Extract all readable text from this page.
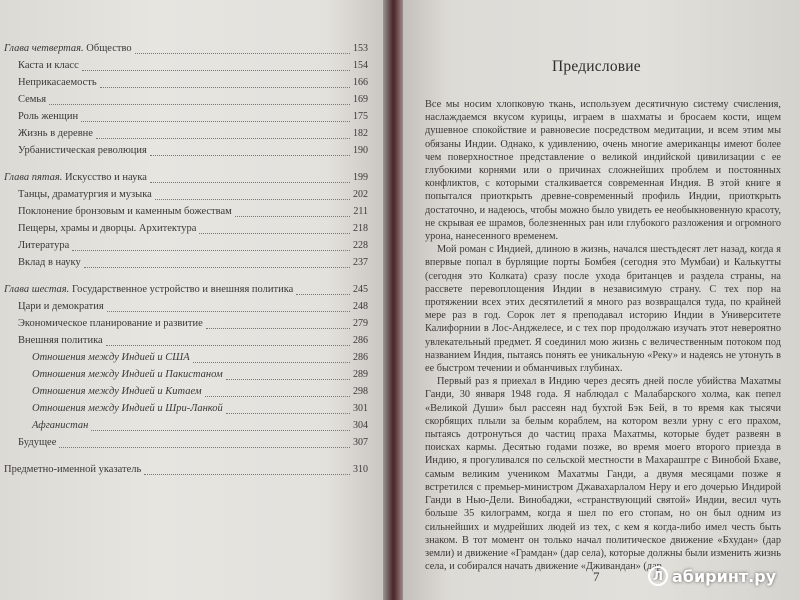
Глава четвертая. Общество	153
Каста и класс	154
Неприкасаемость	166
Семья	169
Роль женщин	175
Жизнь в деревне	182
Урбанистическая революция	190
Глава пятая. Искусство и наука	199
Танцы, драматургия и музыка	202
Поклонение бронзовым и каменным божествам	211
Пещеры, храмы и дворцы. Архитектура	218
Литература	228
Вклад в науку	237
Глава шестая. Государственное устройство и внешняя политика	245
Цари и демократия	248
Экономическое планирование и развитие	279
Внешняя политика	286
Отношения между Индией и США	286
Отношения между Индией и Пакистаном	289
Отношения между Индией и Китаем	298
Отношения между Индией и Шри-Ланкой	301
Афганистан	304
Будущее	307
Предметно-именной указатель	310
Предисловие

Все мы носим хлопковую ткань, используем десятичную систему счисления, наслаждаемся вкусом курицы, играем в шахматы и бросаем кости, ищем душевное спокойствие и равновесие посредством медитации, и всем этим мы обязаны Индии. Однако, к удивлению, очень многие американцы имеют более чем поверхностное представление о великой индийской цивилизации с ее глубокими корнями или о причинах сложнейших проблем и постоянных конфликтов, с которыми сталкивается современная Индия. В этой книге я попытался приоткрыть древне-современный профиль Индии, приоткрыть достаточно, и надеюсь, чтобы можно было увидеть ее необыкновенную красоту, не скрывая ее шрамов, болезненных ран или глубокого разложения и огромного урона, нанесенного временем.

Мой роман с Индией, длиною в жизнь, начался шестьдесят лет назад, когда я впервые попал в бурлящие порты Бомбея (сегодня это Мумбаи) и Калькутты (сегодня это Колката) сразу после ухода британцев и раздела страны, на рассвете перевоплощения Индии в независимую страну. С тех пор на протяжении всех этих десятилетий я много раз возвращался туда, по крайней мере раз в год. Сорок лет я преподавал историю Индии в Университете Калифорнии в Лос-Анджелесе, и с тех пор продолжаю изучать этот невероятно увлекательный предмет. Я соединил мою жизнь с величественным потоком под названием Индия, пытаясь понять ее уникальную «Реку» и надеясь не утонуть в ее быстром течении и обманчивых глубинах.

Первый раз я приехал в Индию через десять дней после убийства Махатмы Ганди, 30 января 1948 года. Я наблюдал с Малабарского холма, как пепел «Великой Души» был рассеян над бухтой Бэк Бей, в то время как тысячи скорбящих плыли за белым кораблем, на котором везли урну с его прахом, пытаясь дотронуться до частиц праха Махатмы, которые будет развеян в поисках кармы. Десятью годами позже, во время моего второго приезда в Индию, я прогуливался по сельской местности в Махараштре с Винобой Бхаве, самым великим учеником Махатмы Ганди, а двумя месяцами позже я встретился с премьер-министром Джавахарлалом Неру и его дочерью Индирой Ганди в Нью-Дели. Винобаджи, «странствующий святой» Индии, весил чуть больше 35 килограмм, когда я шел по его стопам, но он был одним из сильнейших и мудрейших людей из тех, с кем я когда-либо имел честь быть знаком. В тот момент он только начал политическое движение «Бхудан» (дар земли) и движение «Грамдан» (дар села), которые должны были изменить жизнь села, и собирался начать движение «Дживандан» (дар

7	Л абиринт.ру
